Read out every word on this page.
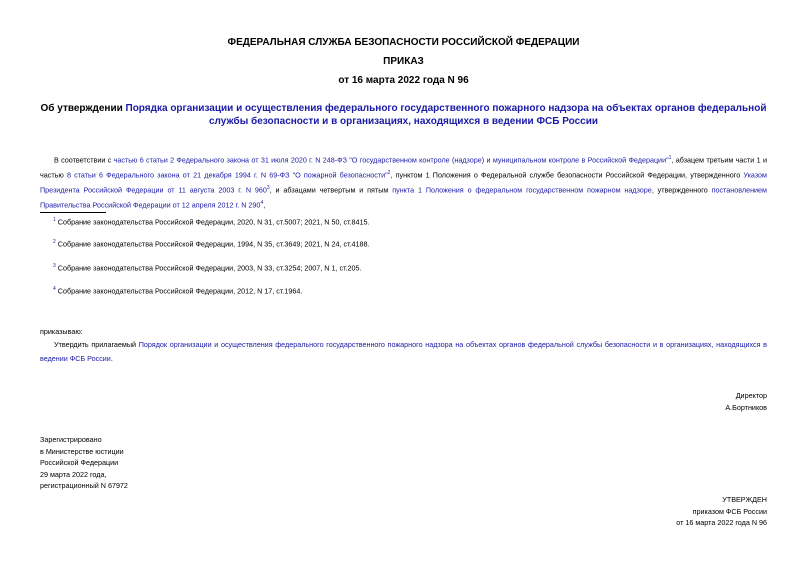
ФЕДЕРАЛЬНАЯ СЛУЖБА БЕЗОПАСНОСТИ РОССИЙСКОЙ ФЕДЕРАЦИИ
ПРИКАЗ
от 16 марта 2022 года N 96
Об утверждении Порядка организации и осуществления федерального государственного пожарного надзора на объектах органов федеральной службы безопасности и в организациях, находящихся в ведении ФСБ России
В соответствии с частью 6 статьи 2 Федерального закона от 31 июля 2020 г. N 248-ФЗ "О государственном контроле (надзоре) и муниципальном контроле в Российской Федерации"$^1$, абзацем третьим части 1 и частью 8 статьи 6 Федерального закона от 21 декабря 1994 г. N 69-ФЗ "О пожарной безопасности"$^2$, пунктом 1 Положения о Федеральной службе безопасности Российской Федерации, утвержденного Указом Президента Российской Федерации от 11 августа 2003 г. N $960^3$, и абзацами четвертым и пятым пункта 1 Положения о федеральном государственном пожарном надзоре, утвержденного постановлением Правительства Российской Федерации от 12 апреля 2012 г. N $290^4$,
$^1$ Собрание законодательства Российской Федерации, 2020, N 31, ст.5007; 2021, N 50, ст.8415.
$^2$ Собрание законодательства Российской Федерации, 1994, N 35, ст.3649; 2021, N 24, ст.4188.
$^3$ Собрание законодательства Российской Федерации, 2003, N 33, ст.3254; 2007, N 1, ст.205.
$^4$ Собрание законодательства Российской Федерации, 2012, N 17, ст.1964.
приказываю:
Утвердить прилагаемый Порядок организации и осуществления федерального государственного пожарного надзора на объектах органов федеральной службы безопасности и в организациях, находящихся в ведении ФСБ России.
Директор
А.Бортников
Зарегистрировано
в Министерстве юстиции
Российской Федерации
29 марта 2022 года,
регистрационный N 67972
УТВЕРЖДЕН
приказом ФСБ России
от 16 марта 2022 года N 96
